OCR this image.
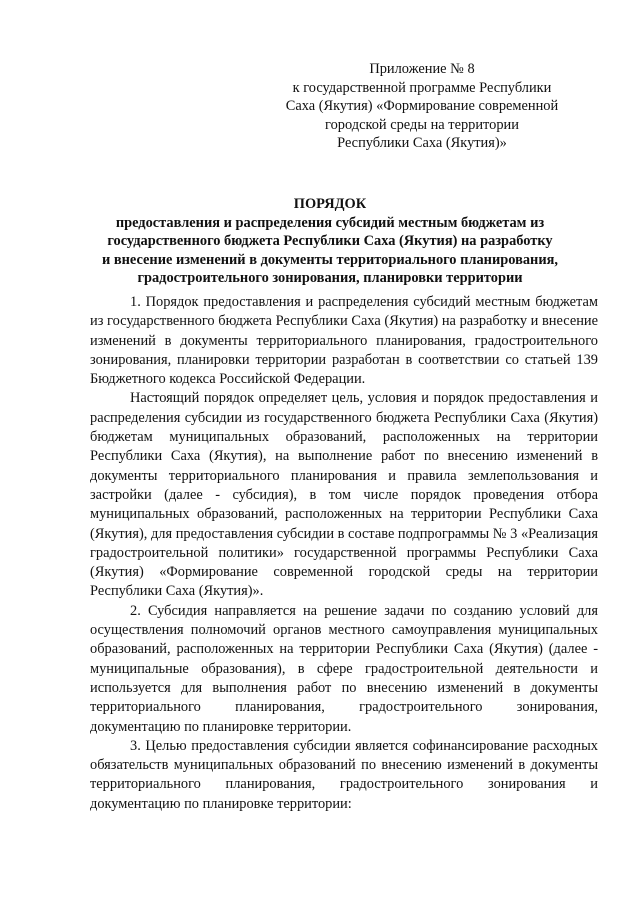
Приложение № 8
к государственной программе Республики
Саха (Якутия) «Формирование современной
городской среды на территории
Республики Саха (Якутия)»
ПОРЯДОК
предоставления и распределения субсидий местным бюджетам из
государственного бюджета Республики Саха (Якутия) на разработку
и внесение изменений в документы территориального планирования,
градостроительного зонирования, планировки территории

1. Порядок предоставления и распределения субсидий местным бюджетам из государственного бюджета Республики Саха (Якутия) на разработку и внесение изменений в документы территориального планирования, градостроительного зонирования, планировки территории разработан в соответствии со статьей 139 Бюджетного кодекса Российской Федерации.

Настоящий порядок определяет цель, условия и порядок предоставления и распределения субсидии из государственного бюджета Республики Саха (Якутия) бюджетам муниципальных образований, расположенных на территории Республики Саха (Якутия), на выполнение работ по внесению изменений в документы территориального планирования и правила землепользования и застройки (далее - субсидия), в том числе порядок проведения отбора муниципальных образований, расположенных на территории Республики Саха (Якутия), для предоставления субсидии в составе подпрограммы № 3 «Реализация градостроительной политики» государственной программы Республики Саха (Якутия) «Формирование современной городской среды на территории Республики Саха (Якутия)».

2. Субсидия направляется на решение задачи по созданию условий для осуществления полномочий органов местного самоуправления муниципальных образований, расположенных на территории Республики Саха (Якутия) (далее - муниципальные образования), в сфере градостроительной деятельности и используется для выполнения работ по внесению изменений в документы территориального планирования, градостроительного зонирования, документацию по планировке территории.

3. Целью предоставления субсидии является софинансирование расходных обязательств муниципальных образований по внесению изменений в документы территориального планирования, градостроительного зонирования и документацию по планировке территории:
